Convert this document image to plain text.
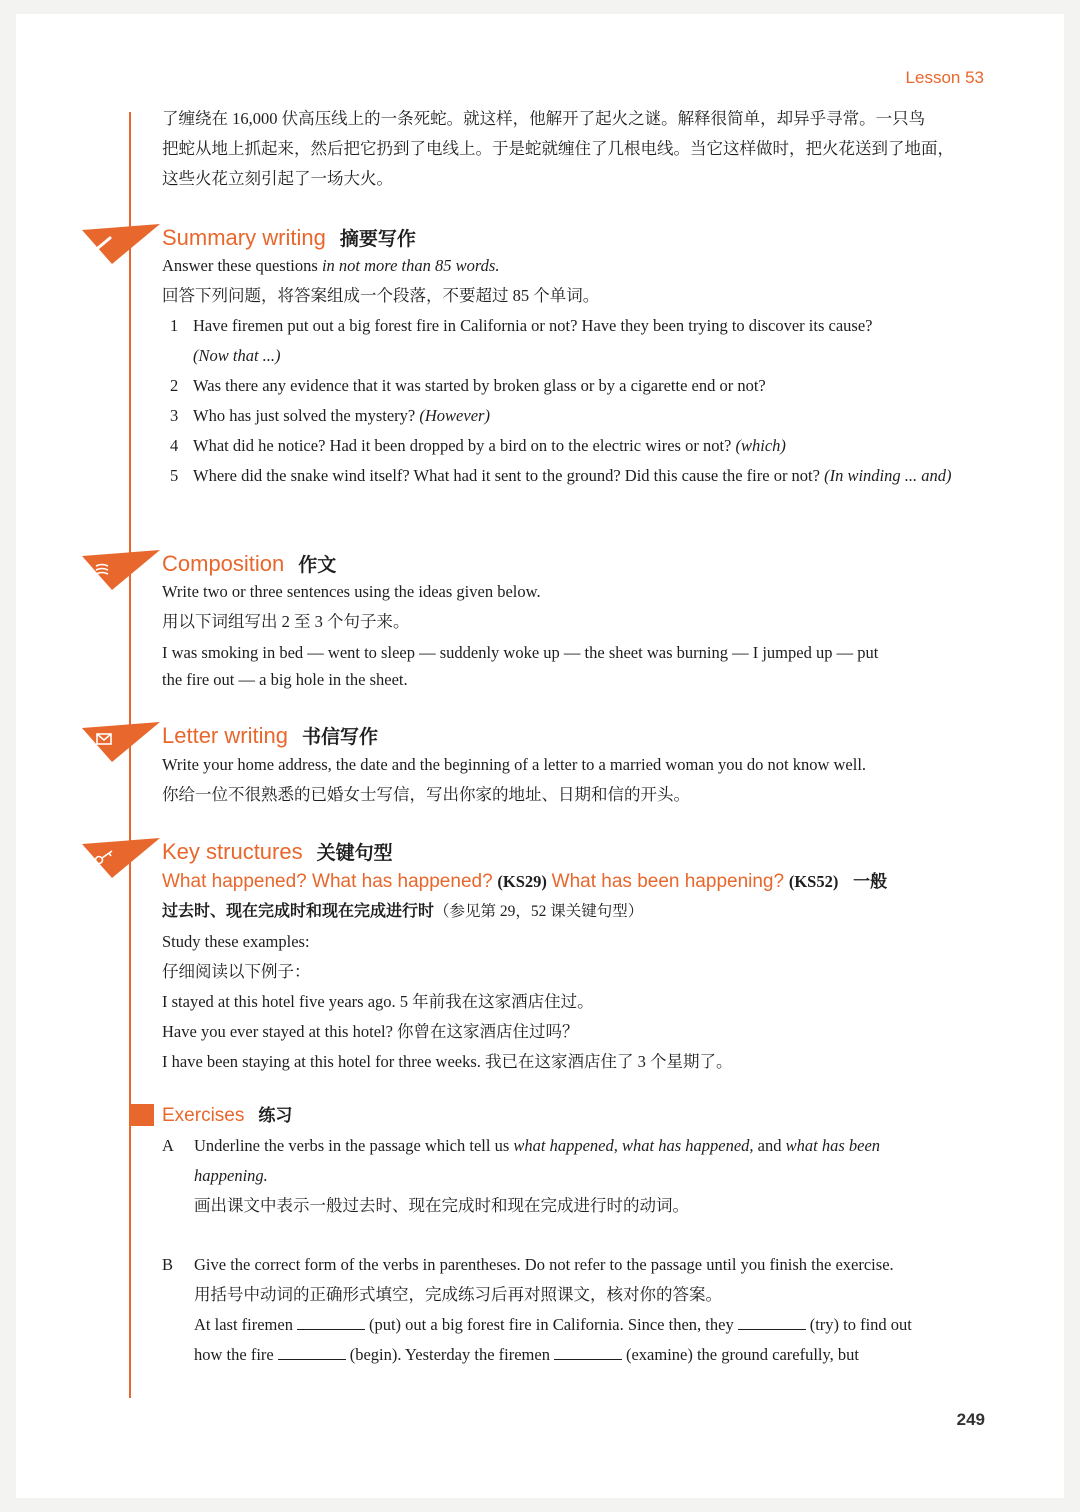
Lesson 53
了缠绕在 16,000 伏高压线上的一条死蛇。就这样，他解开了起火之谜。解释很简单，却异乎寻常。一只鸟
把蛇从地上抓起来，然后把它扔到了电线上。于是蛇就缠住了几根电线。当它这样做时，把火花送到了地面，
这些火花立刻引起了一场大火。
Summary writing 摘要写作
Answer these questions in not more than 85 words.
回答下列问题，将答案组成一个段落，不要超过 85 个单词。
1 Have firemen put out a big forest fire in California or not? Have they been trying to discover its cause?
(Now that ...)
2 Was there any evidence that it was started by broken glass or by a cigarette end or not?
3 Who has just solved the mystery? (However)
4 What did he notice? Had it been dropped by a bird on to the electric wires or not? (which)
5 Where did the snake wind itself? What had it sent to the ground? Did this cause the fire or not? (In winding ... and)
Composition 作文
Write two or three sentences using the ideas given below.
用以下词组写出 2 至 3 个句子来。
I was smoking in bed — went to sleep — suddenly woke up — the sheet was burning — I jumped up — put
the fire out — a big hole in the sheet.
Letter writing 书信写作
Write your home address, the date and the beginning of a letter to a married woman you do not know well.
你给一位不很熟悉的已婚女士写信，写出你家的地址、日期和信的开头。
Key structures 关键句型
What happened? What has happened? (KS29) What has been happening? (KS52) 一般
过去时、现在完成时和现在完成进行时（参见第 29，52 课关键句型）
Study these examples:
仔细阅读以下例子：
I stayed at this hotel five years ago. 5 年前我在这家酒店住过。
Have you ever stayed at this hotel? 你曾在这家酒店住过吗？
I have been staying at this hotel for three weeks. 我已在这家酒店住了 3 个星期了。
Exercises 练习
A	Underline the verbs in the passage which tell us what happened, what has happened, and what has been
happening.
画出课文中表示一般过去时、现在完成时和现在完成进行时的动词。
B	Give the correct form of the verbs in parentheses. Do not refer to the passage until you finish the exercise.
用括号中动词的正确形式填空，完成练习后再对照课文，核对你的答案。
At last firemen	(put) out a big forest fire in California. Since then, they	(try) to find out
how the fire	(begin). Yesterday the firemen	(examine) the ground carefully, but
249
